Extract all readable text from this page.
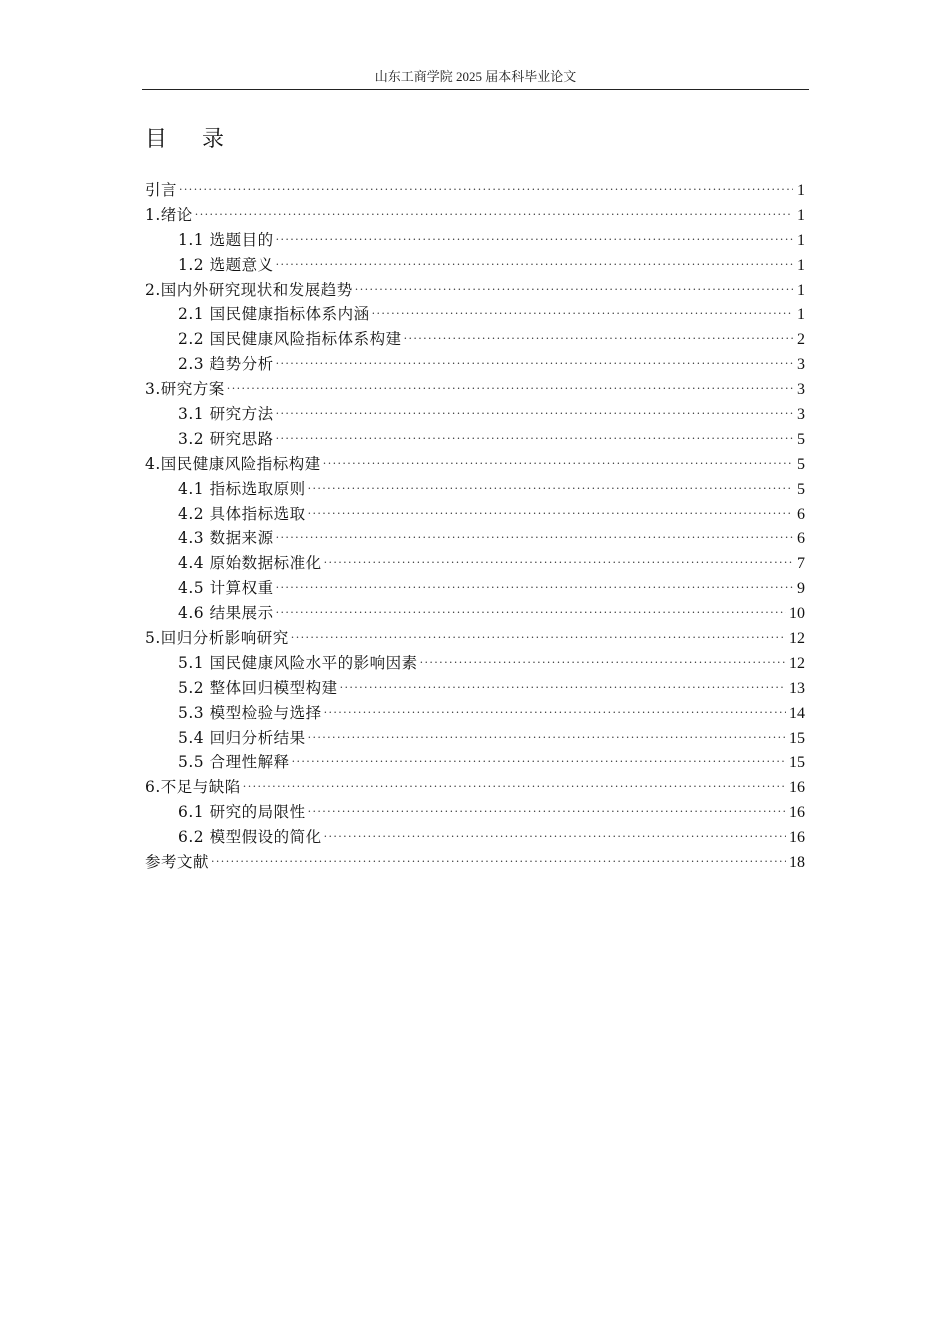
山东工商学院 2025 届本科毕业论文
目 录
引言 ·····	1
1.绪论 ·····	1
1.1 选题目的 ·····	1
1.2 选题意义 ·····	1
2.国内外研究现状和发展趋势 ·····	1
2.1 国民健康指标体系内涵 ·····	1
2.2 国民健康风险指标体系构建 ·····	2
2.3 趋势分析 ·····	3
3.研究方案 ·····	3
3.1 研究方法 ·····	3
3.2 研究思路 ·····	5
4.国民健康风险指标构建 ·····	5
4.1 指标选取原则 ·····	5
4.2 具体指标选取 ·····	6
4.3 数据来源 ·····	6
4.4 原始数据标准化 ·····	7
4.5 计算权重 ·····	9
4.6 结果展示 ·····	10
5.回归分析影响研究 ·····	12
5.1 国民健康风险水平的影响因素 ·····	12
5.2 整体回归模型构建 ·····	13
5.3 模型检验与选择 ·····	14
5.4 回归分析结果 ·····	15
5.5 合理性解释 ·····	15
6.不足与缺陷 ·····	16
6.1 研究的局限性 ·····	16
6.2 模型假设的简化 ·····	16
参考文献 ·····	18
